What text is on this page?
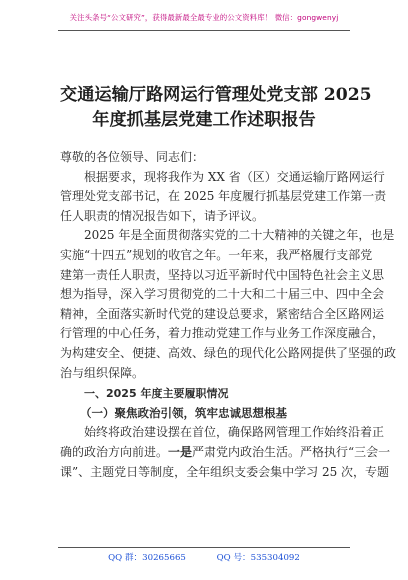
关注头条号“公文研究”，获得最新最全最专业的公文资料库！ 微信：gongwenyj
交通运输厅路网运行管理处党支部 2025
年度抓基层党建工作述职报告

尊敬的各位领导、同志们：

根据要求，现将我作为 XX 省（区）交通运输厅路网运行
管理处党支部书记，在 2025 年度履行抓基层党建工作第一责
任人职责的情况报告如下，请予评议。

2025 年是全面贯彻落实党的二十大精神的关键之年，也是
实施“十四五”规划的收官之年。一年来，我严格履行支部党
建第一责任人职责，坚持以习近平新时代中国特色社会主义思
想为指导，深入学习贯彻党的二十大和二十届三中、四中全会
精神，全面落实新时代党的建设总要求，紧密结合全区路网运
行管理的中心任务，着力推动党建工作与业务工作深度融合，
为构建安全、便捷、高效、绿色的现代化公路网提供了坚强的政
治与组织保障。

一、2025 年度主要履职情况

（一）聚焦政治引领，筑牢忠诚思想根基

始终将政治建设摆在首位，确保路网管理工作始终沿着正
确的政治方向前进。一是严肃党内政治生活。严格执行“三会一
课”、主题党日等制度，全年组织支委会集中学习 25 次，专题

QQ 群：30265665	QQ 号：535304092
